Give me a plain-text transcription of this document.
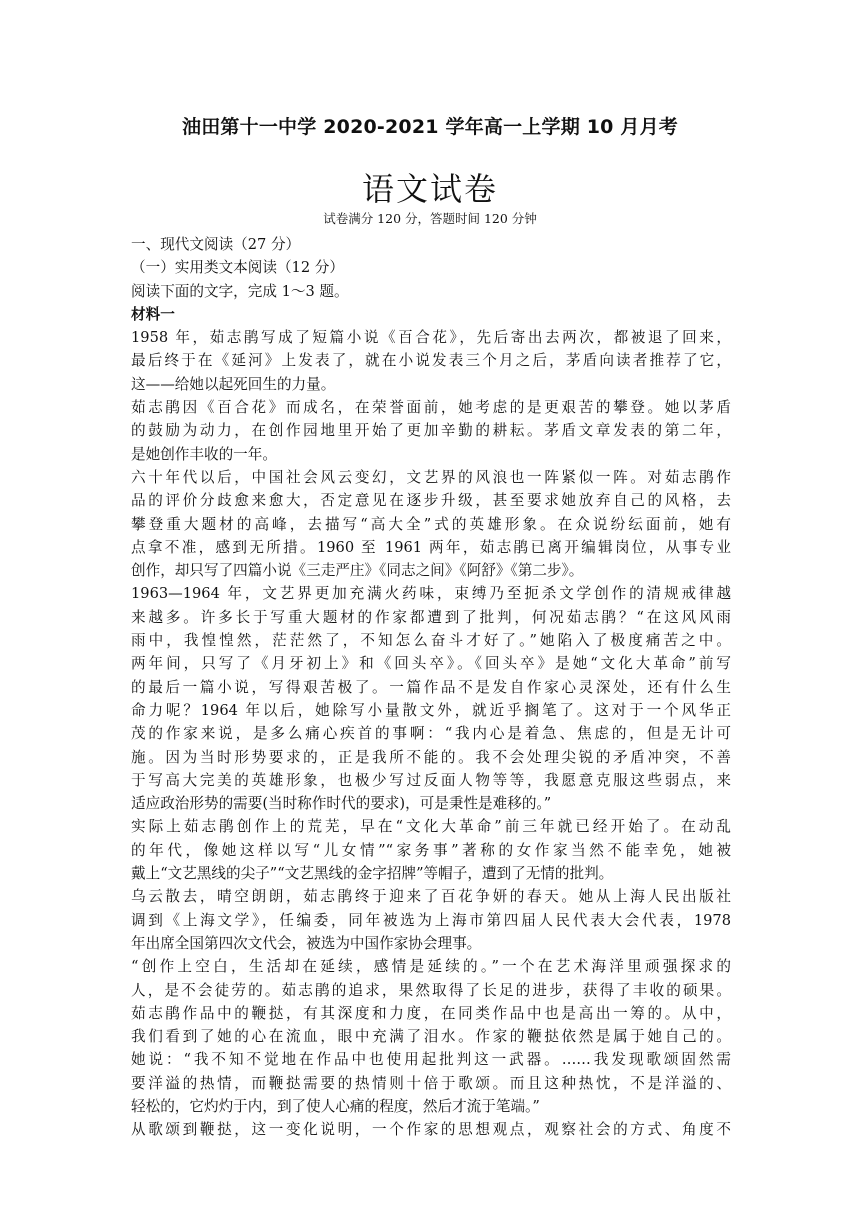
油田第十一中学 2020-2021 学年高一上学期 10 月月考
语文试卷
试卷满分 120 分，答题时间 120 分钟
一、现代文阅读（27 分）
（一）实用类文本阅读（12 分）
阅读下面的文字，完成 1～3 题。
材料一
1958 年，茹志鹃写成了短篇小说《百合花》，先后寄出去两次，都被退了回来，
最后终于在《延河》上发表了，就在小说发表三个月之后，茅盾向读者推荐了它，
这——给她以起死回生的力量。
茹志鹃因《百合花》而成名，在荣誉面前，她考虑的是更艰苦的攀登。她以茅盾
的鼓励为动力，在创作园地里开始了更加辛勤的耕耘。茅盾文章发表的第二年，
是她创作丰收的一年。
六十年代以后，中国社会风云变幻，文艺界的风浪也一阵紧似一阵。对茹志鹃作
品的评价分歧愈来愈大，否定意见在逐步升级，甚至要求她放弃自己的风格，去
攀登重大题材的高峰，去描写“高大全”式的英雄形象。在众说纷纭面前，她有
点拿不准，感到无所措。1960 至 1961 两年，茹志鹃已离开编辑岗位，从事专业
创作，却只写了四篇小说《三走严庄》《同志之间》《阿舒》《第二步》。
1963—1964 年，文艺界更加充满火药味，束缚乃至扼杀文学创作的清规戒律越
来越多。许多长于写重大题材的作家都遭到了批判，何况茹志鹃？“在这风风雨
雨中，我惶惶然，茫茫然了，不知怎么奋斗才好了。”她陷入了极度痛苦之中。
两年间，只写了《月牙初上》和《回头卒》。《回头卒》是她“文化大革命”前写
的最后一篇小说，写得艰苦极了。一篇作品不是发自作家心灵深处，还有什么生
命力呢？1964 年以后，她除写小量散文外，就近乎搁笔了。这对于一个风华正
茂的作家来说，是多么痛心疾首的事啊：“我内心是着急、焦虑的，但是无计可
施。因为当时形势要求的，正是我所不能的。我不会处理尖锐的矛盾冲突，不善
于写高大完美的英雄形象，也极少写过反面人物等等，我愿意克服这些弱点，来
适应政治形势的需要(当时称作时代的要求)，可是秉性是难移的。”
实际上茹志鹃创作上的荒芜，早在“文化大革命”前三年就已经开始了。在动乱
的年代，像她这样以写“儿女情”“家务事”著称的女作家当然不能幸免，她被
戴上“文艺黑线的尖子”“文艺黑线的金字招牌”等帽子，遭到了无情的批判。
乌云散去，晴空朗朗，茹志鹃终于迎来了百花争妍的春天。她从上海人民出版社
调到《上海文学》，任编委，同年被选为上海市第四届人民代表大会代表，1978
年出席全国第四次文代会，被选为中国作家协会理事。
“创作上空白，生活却在延续，感情是延续的。”一个在艺术海洋里顽强探求的
人，是不会徒劳的。茹志鹃的追求，果然取得了长足的进步，获得了丰收的硕果。
茹志鹃作品中的鞭挞，有其深度和力度，在同类作品中也是高出一筹的。从中，
我们看到了她的心在流血，眼中充满了泪水。作家的鞭挞依然是属于她自己的。
她说：“我不知不觉地在作品中也使用起批判这一武器。……我发现歌颂固然需
要洋溢的热情，而鞭挞需要的热情则十倍于歌颂。而且这种热忱，不是洋溢的、
轻松的，它灼灼于内，到了使人心痛的程度，然后才流于笔端。”
从歌颂到鞭挞，这一变化说明，一个作家的思想观点，观察社会的方式、角度不
